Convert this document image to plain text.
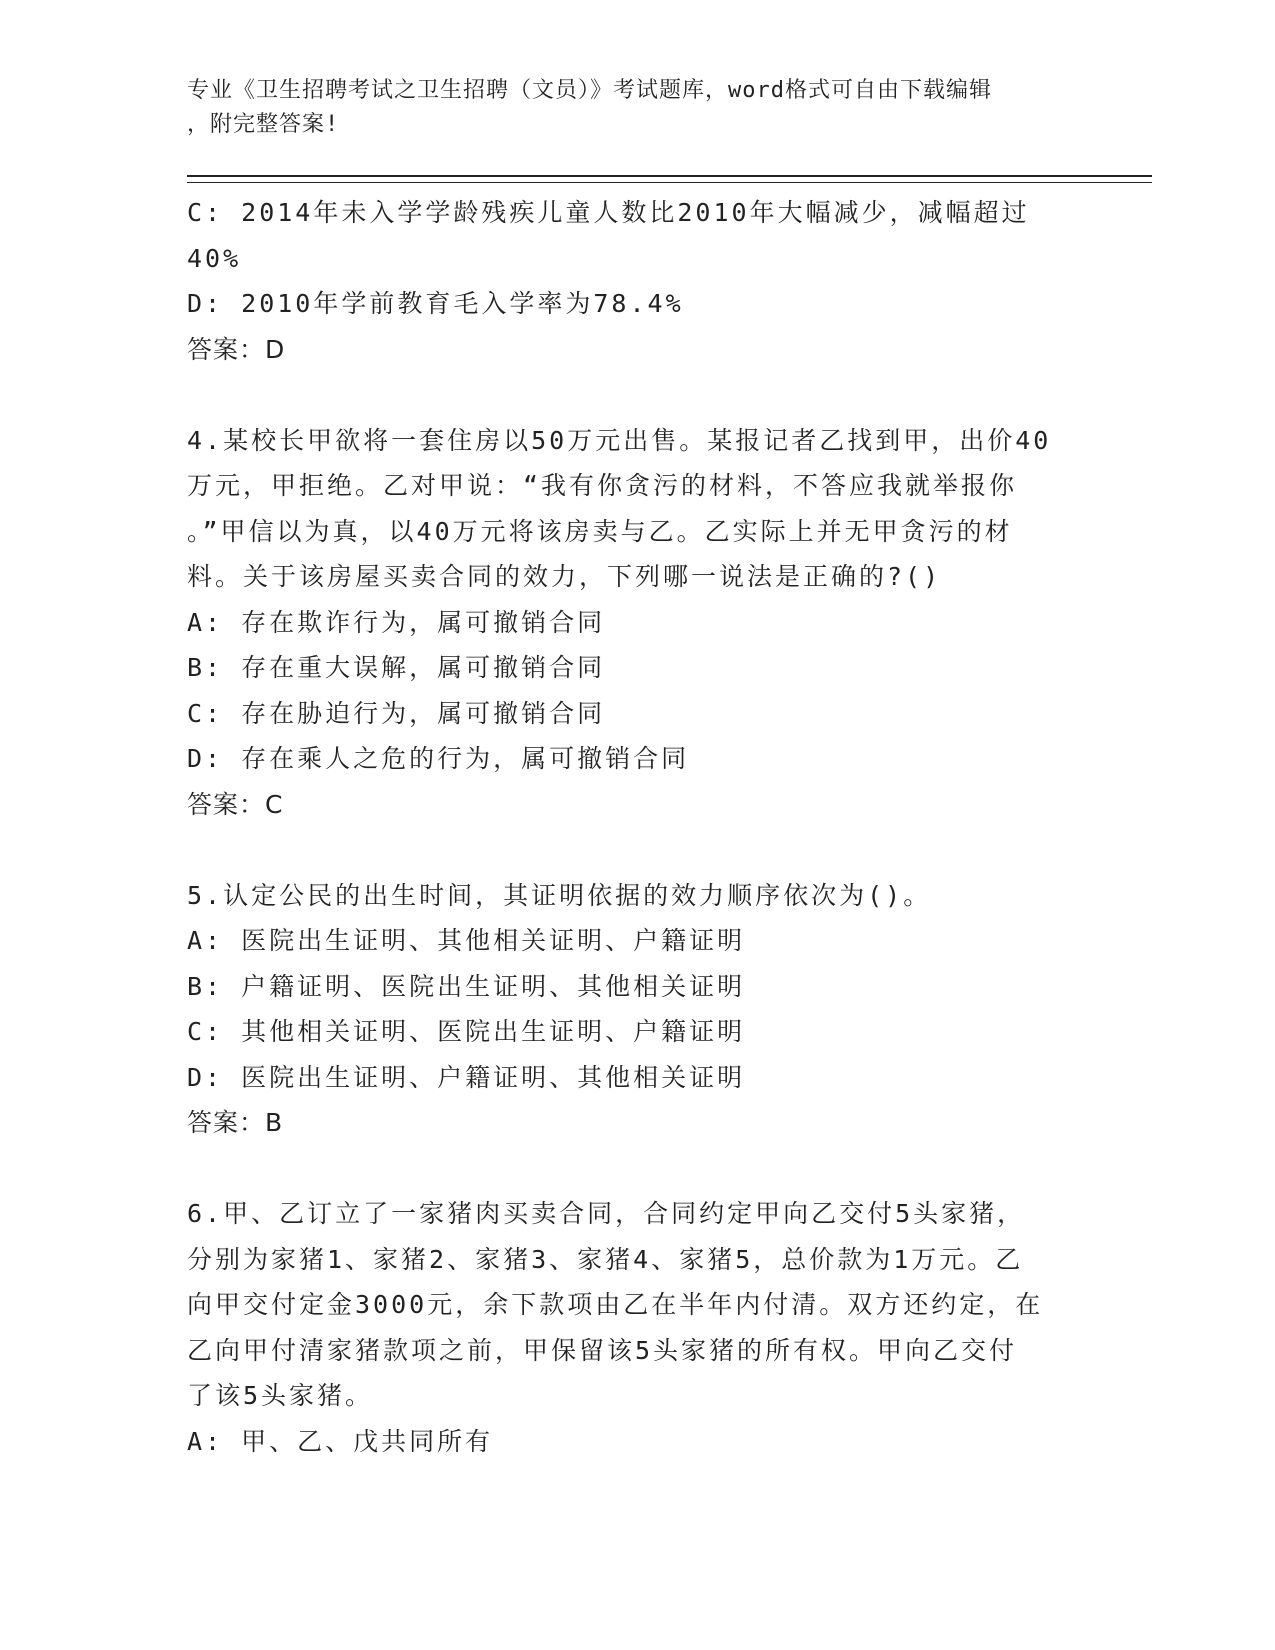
专业《卫生招聘考试之卫生招聘（文员）》考试题库，word格式可自由下载编辑
，附完整答案!
C: 2014年未入学学龄残疾儿童人数比2010年大幅减少，减幅超过
40%
D: 2010年学前教育毛入学率为78.4%
答案：D
4.某校长甲欲将一套住房以50万元出售。某报记者乙找到甲，出价40
万元，甲拒绝。乙对甲说：“我有你贪污的材料，不答应我就举报你
。”甲信以为真，以40万元将该房卖与乙。乙实际上并无甲贪污的材
料。关于该房屋买卖合同的效力，下列哪一说法是正确的?()
A: 存在欺诈行为，属可撤销合同
B: 存在重大误解，属可撤销合同
C: 存在胁迫行为，属可撤销合同
D: 存在乘人之危的行为，属可撤销合同
答案：C
5.认定公民的出生时间，其证明依据的效力顺序依次为()。
A: 医院出生证明、其他相关证明、户籍证明
B: 户籍证明、医院出生证明、其他相关证明
C: 其他相关证明、医院出生证明、户籍证明
D: 医院出生证明、户籍证明、其他相关证明
答案：B
6.甲、乙订立了一家猪肉买卖合同，合同约定甲向乙交付5头家猪，
分别为家猪1、家猪2、家猪3、家猪4、家猪5，总价款为1万元。乙
向甲交付定金3000元，余下款项由乙在半年内付清。双方还约定，在
乙向甲付清家猪款项之前，甲保留该5头家猪的所有权。甲向乙交付
了该5头家猪。
A: 甲、乙、戊共同所有
